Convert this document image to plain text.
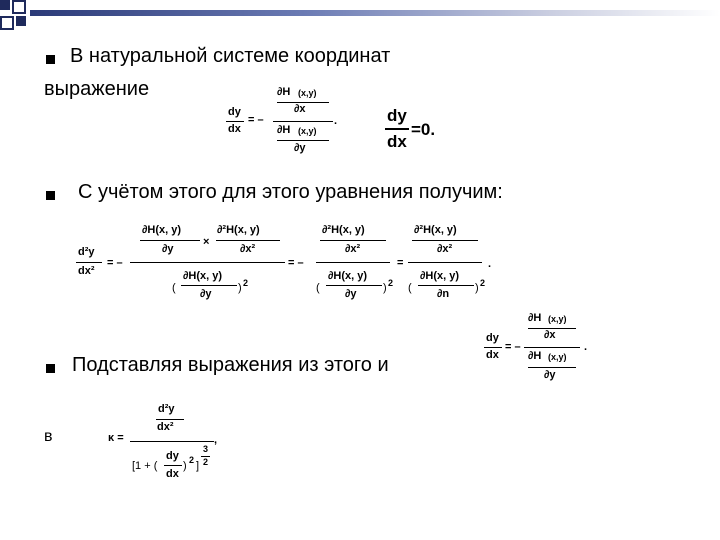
В натуральной системе координат
выражение
dy
dx
= –
∂H (x,y)
∂x
∂H (x,y)
∂y
.	dy
dx
=0.
С учётом этого для этого уравнения получим:
d²y
dx²
= –
∂H(x, y)
×
∂²H(x, y)
∂y	∂x²
(
∂H(x, y)
∂y ) 2
= –
∂²H(x, y)
∂x²
(
∂H(x, y)
∂y ) 2
=
∂²H(x, y)
∂x²
(
∂H(x, y)
∂n ) 2
.
Подставляя выражения из этого и
dy
dx
= –
∂H (x,y)
∂x
∂H (x,y)
∂y
.
в	κ =
d²y
dx²
[1 + (
dy
dx
) 2 ]
3
2
,
